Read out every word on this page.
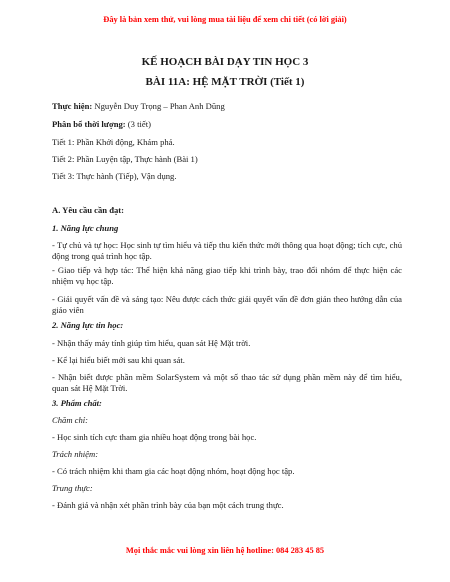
Đây là bản xem thử, vui lòng mua tài liệu để xem chi tiết (có lời giải)
KẾ HOẠCH BÀI DẠY TIN HỌC 3
BÀI 11A: HỆ MẶT TRỜI (Tiết 1)
Thực hiện: Nguyễn Duy Trọng – Phan Anh Dũng
Phân bổ thời lượng: (3 tiết)
Tiết 1: Phần Khởi động, Khám phá.
Tiết 2: Phần Luyện tập, Thực hành (Bài 1)
Tiết 3: Thực hành (Tiếp), Vận dụng.
A. Yêu cầu cần đạt:
1. Năng lực chung
- Tự chủ và tự học: Học sinh tự tìm hiểu và tiếp thu kiến thức mới thông qua hoạt động; tích cực, chủ động trong quá trình học tập.
- Giao tiếp và hợp tác: Thể hiện khả năng giao tiếp khi trình bày, trao đổi nhóm để thực hiện các nhiệm vụ học tập.
- Giải quyết vấn đề và sáng tạo: Nêu được cách thức giải quyết vấn đề đơn giản theo hướng dẫn của giáo viên
2. Năng lực tin học:
- Nhận thấy máy tính giúp tìm hiểu, quan sát Hệ Mặt trời.
- Kể lại hiểu biết mới sau khi quan sát.
- Nhận biết được phần mềm SolarSystem và một số thao tác sử dụng phần mềm này để tìm hiểu, quan sát Hệ Mặt Trời.
3. Phẩm chất:
Chăm chỉ:
- Học sinh tích cực tham gia nhiều hoạt động trong bài học.
Trách nhiệm:
- Có trách nhiệm khi tham gia các hoạt động nhóm, hoạt động học tập.
Trung thực:
- Đánh giá và nhận xét phần trình bày của bạn một cách trung thực.
Mọi thắc mắc vui lòng xin liên hệ hotline: 084 283 45 85
